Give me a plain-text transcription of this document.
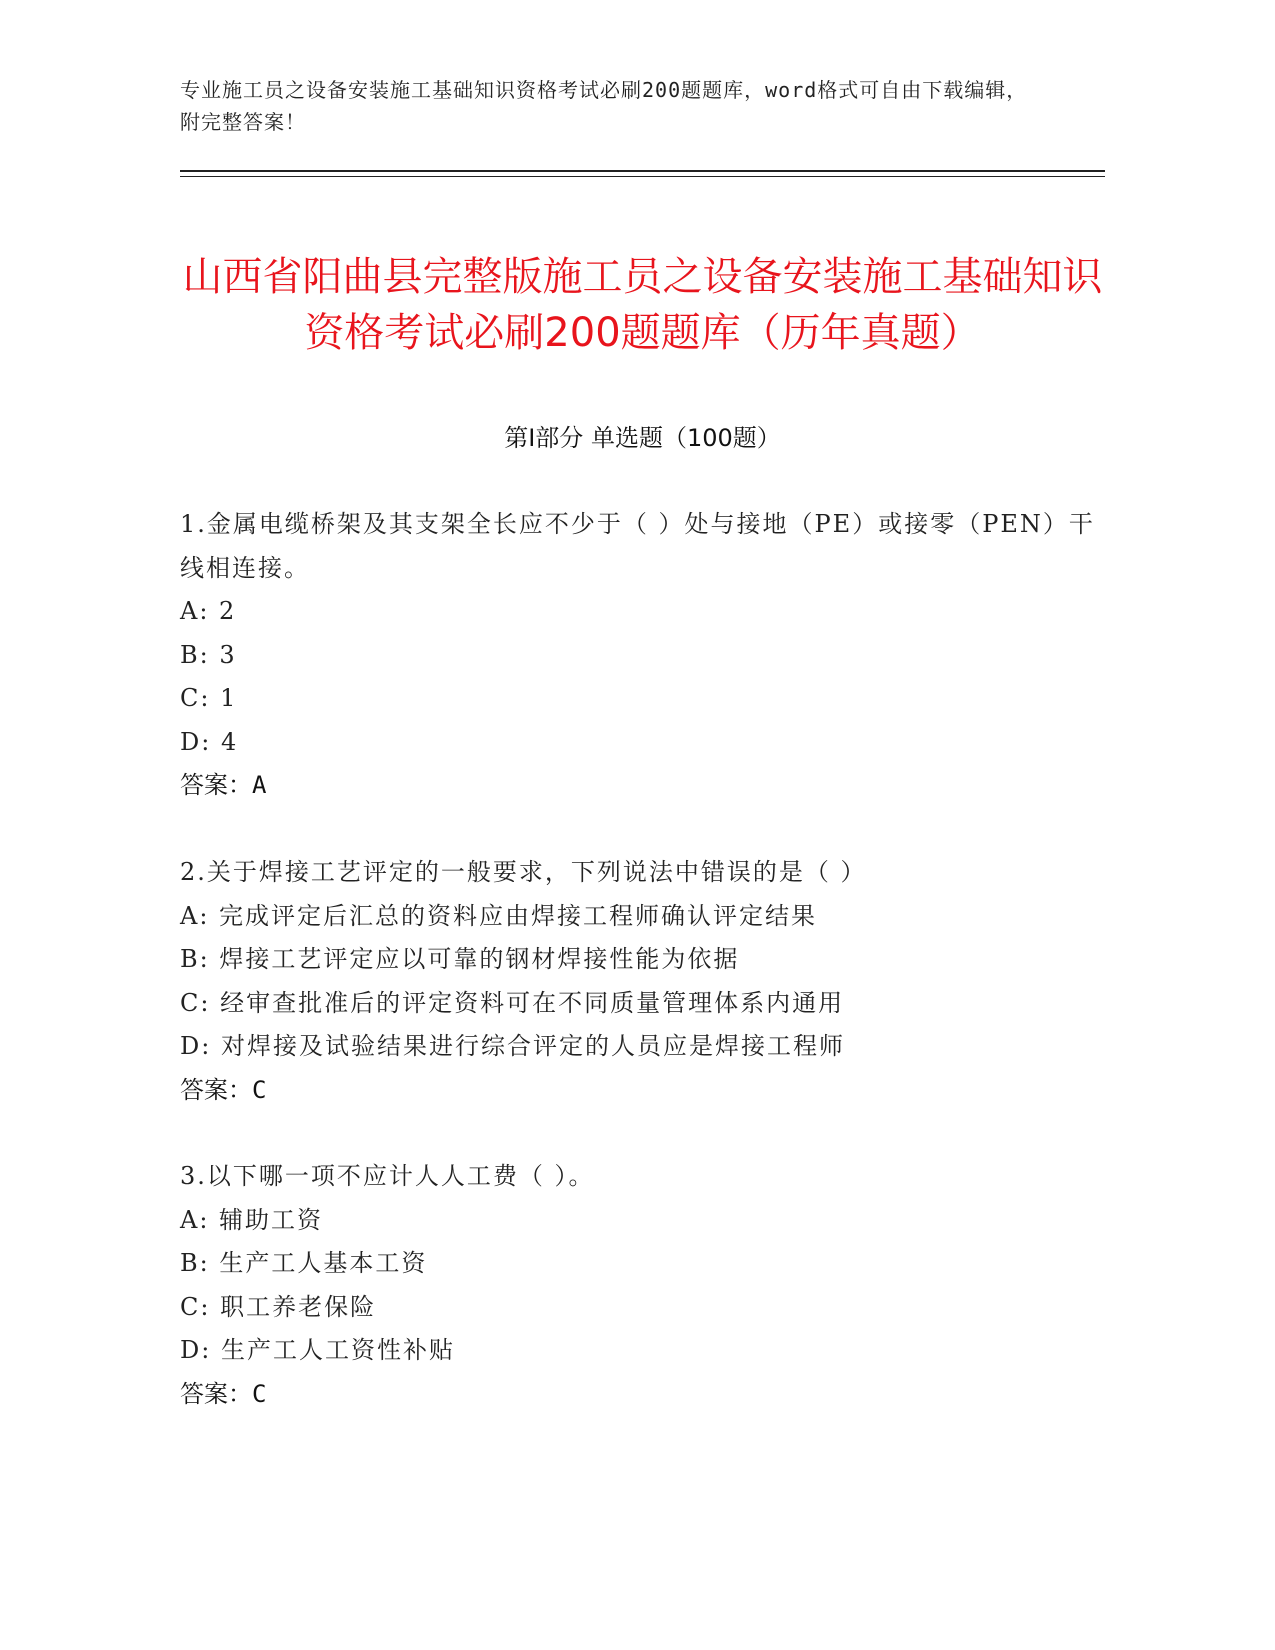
专业施工员之设备安装施工基础知识资格考试必刷200题题库，word格式可自由下载编辑，附完整答案！
山西省阳曲县完整版施工员之设备安装施工基础知识资格考试必刷200题题库（历年真题）
第Ⅰ部分 单选题（100题）

1.金属电缆桥架及其支架全长应不少于（ ）处与接地（PE）或接零（PEN）干线相连接。

A: 2

B: 3

C: 1

D: 4

答案：A

2.关于焊接工艺评定的一般要求，下列说法中错误的是（ ）

A: 完成评定后汇总的资料应由焊接工程师确认评定结果

B: 焊接工艺评定应以可靠的钢材焊接性能为依据

C: 经审查批准后的评定资料可在不同质量管理体系内通用

D: 对焊接及试验结果进行综合评定的人员应是焊接工程师

答案：C

3.以下哪一项不应计人人工费（ ）。

A: 辅助工资

B: 生产工人基本工资

C: 职工养老保险

D: 生产工人工资性补贴

答案：C
